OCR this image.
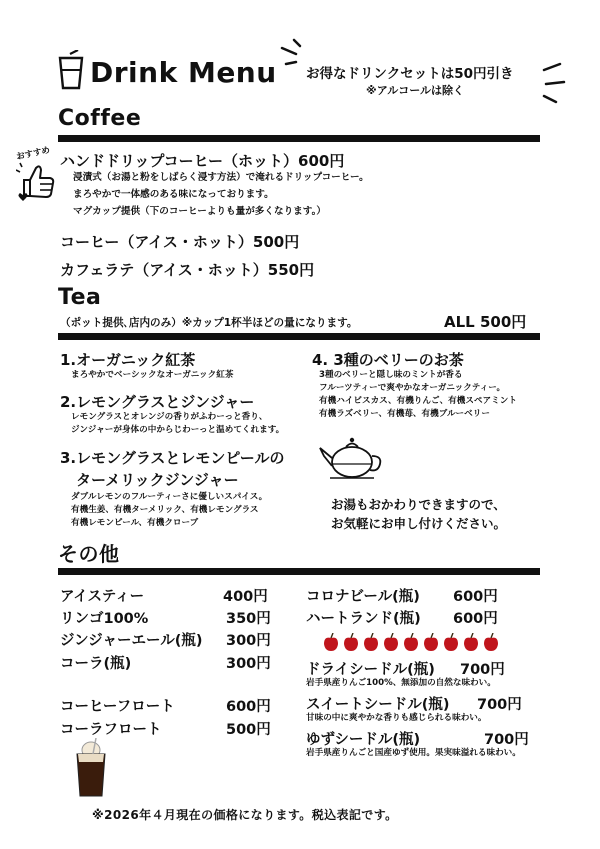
Drink Menu お得なドリンクセットは50円引き
※アルコールは除く
Coffee
おすすめ ハンドドリップコーヒー（ホット）600円
浸漬式（お湯と粉をしばらく浸す方法）で淹れるドリップコーヒー。
まろやかで一体感のある味になっております。
マグカップ提供（下のコーヒーよりも量が多くなります。）
コーヒー（アイス・ホット）500円
カフェラテ（アイス・ホット）550円
Tea
（ポット提供､店内のみ）※カップ1杯半ほどの量になります。	ALL 500円
1.オーガニック紅茶
まろやかでベーシックなオーガニック紅茶
2.レモングラスとジンジャー
レモングラスとオレンジの香りがふわーっと香り、
ジンジャーが身体の中からじわーっと温めてくれます。
3.レモングラスとレモンピールの
ターメリックジンジャー
ダブルレモンのフルーティーさに優しいスパイス。
有機生姜、有機ターメリック、有機レモングラス
有機レモンピール、有機クローブ
4. 3種のベリーのお茶
3種のベリーと隠し味のミントが香る
フルーツティーで爽やかなオーガニックティー。
有機ハイビスカス、有機りんご、有機スペアミント
有機ラズベリー、有機苺、有機ブルーベリー
お湯もおかわりできますので、
お気軽にお申し付けください。
その他
アイスティー	400円
リンゴ100%	350円
ジンジャーエール(瓶) 300円
コーラ(瓶)	300円
コーヒーフロート	600円
コーラフロート	500円
コロナビール(瓶) 600円
ハートランド(瓶) 600円
ドライシードル(瓶) 700円
岩手県産りんご100%、無添加の自然な味わい。
スイートシードル(瓶) 700円
甘味の中に爽やかな香りも感じられる味わい。
ゆずシードル(瓶)	700円
岩手県産りんごと国産ゆず使用。果実味溢れる味わい。
※2026年４月現在の価格になります。税込表記です。
